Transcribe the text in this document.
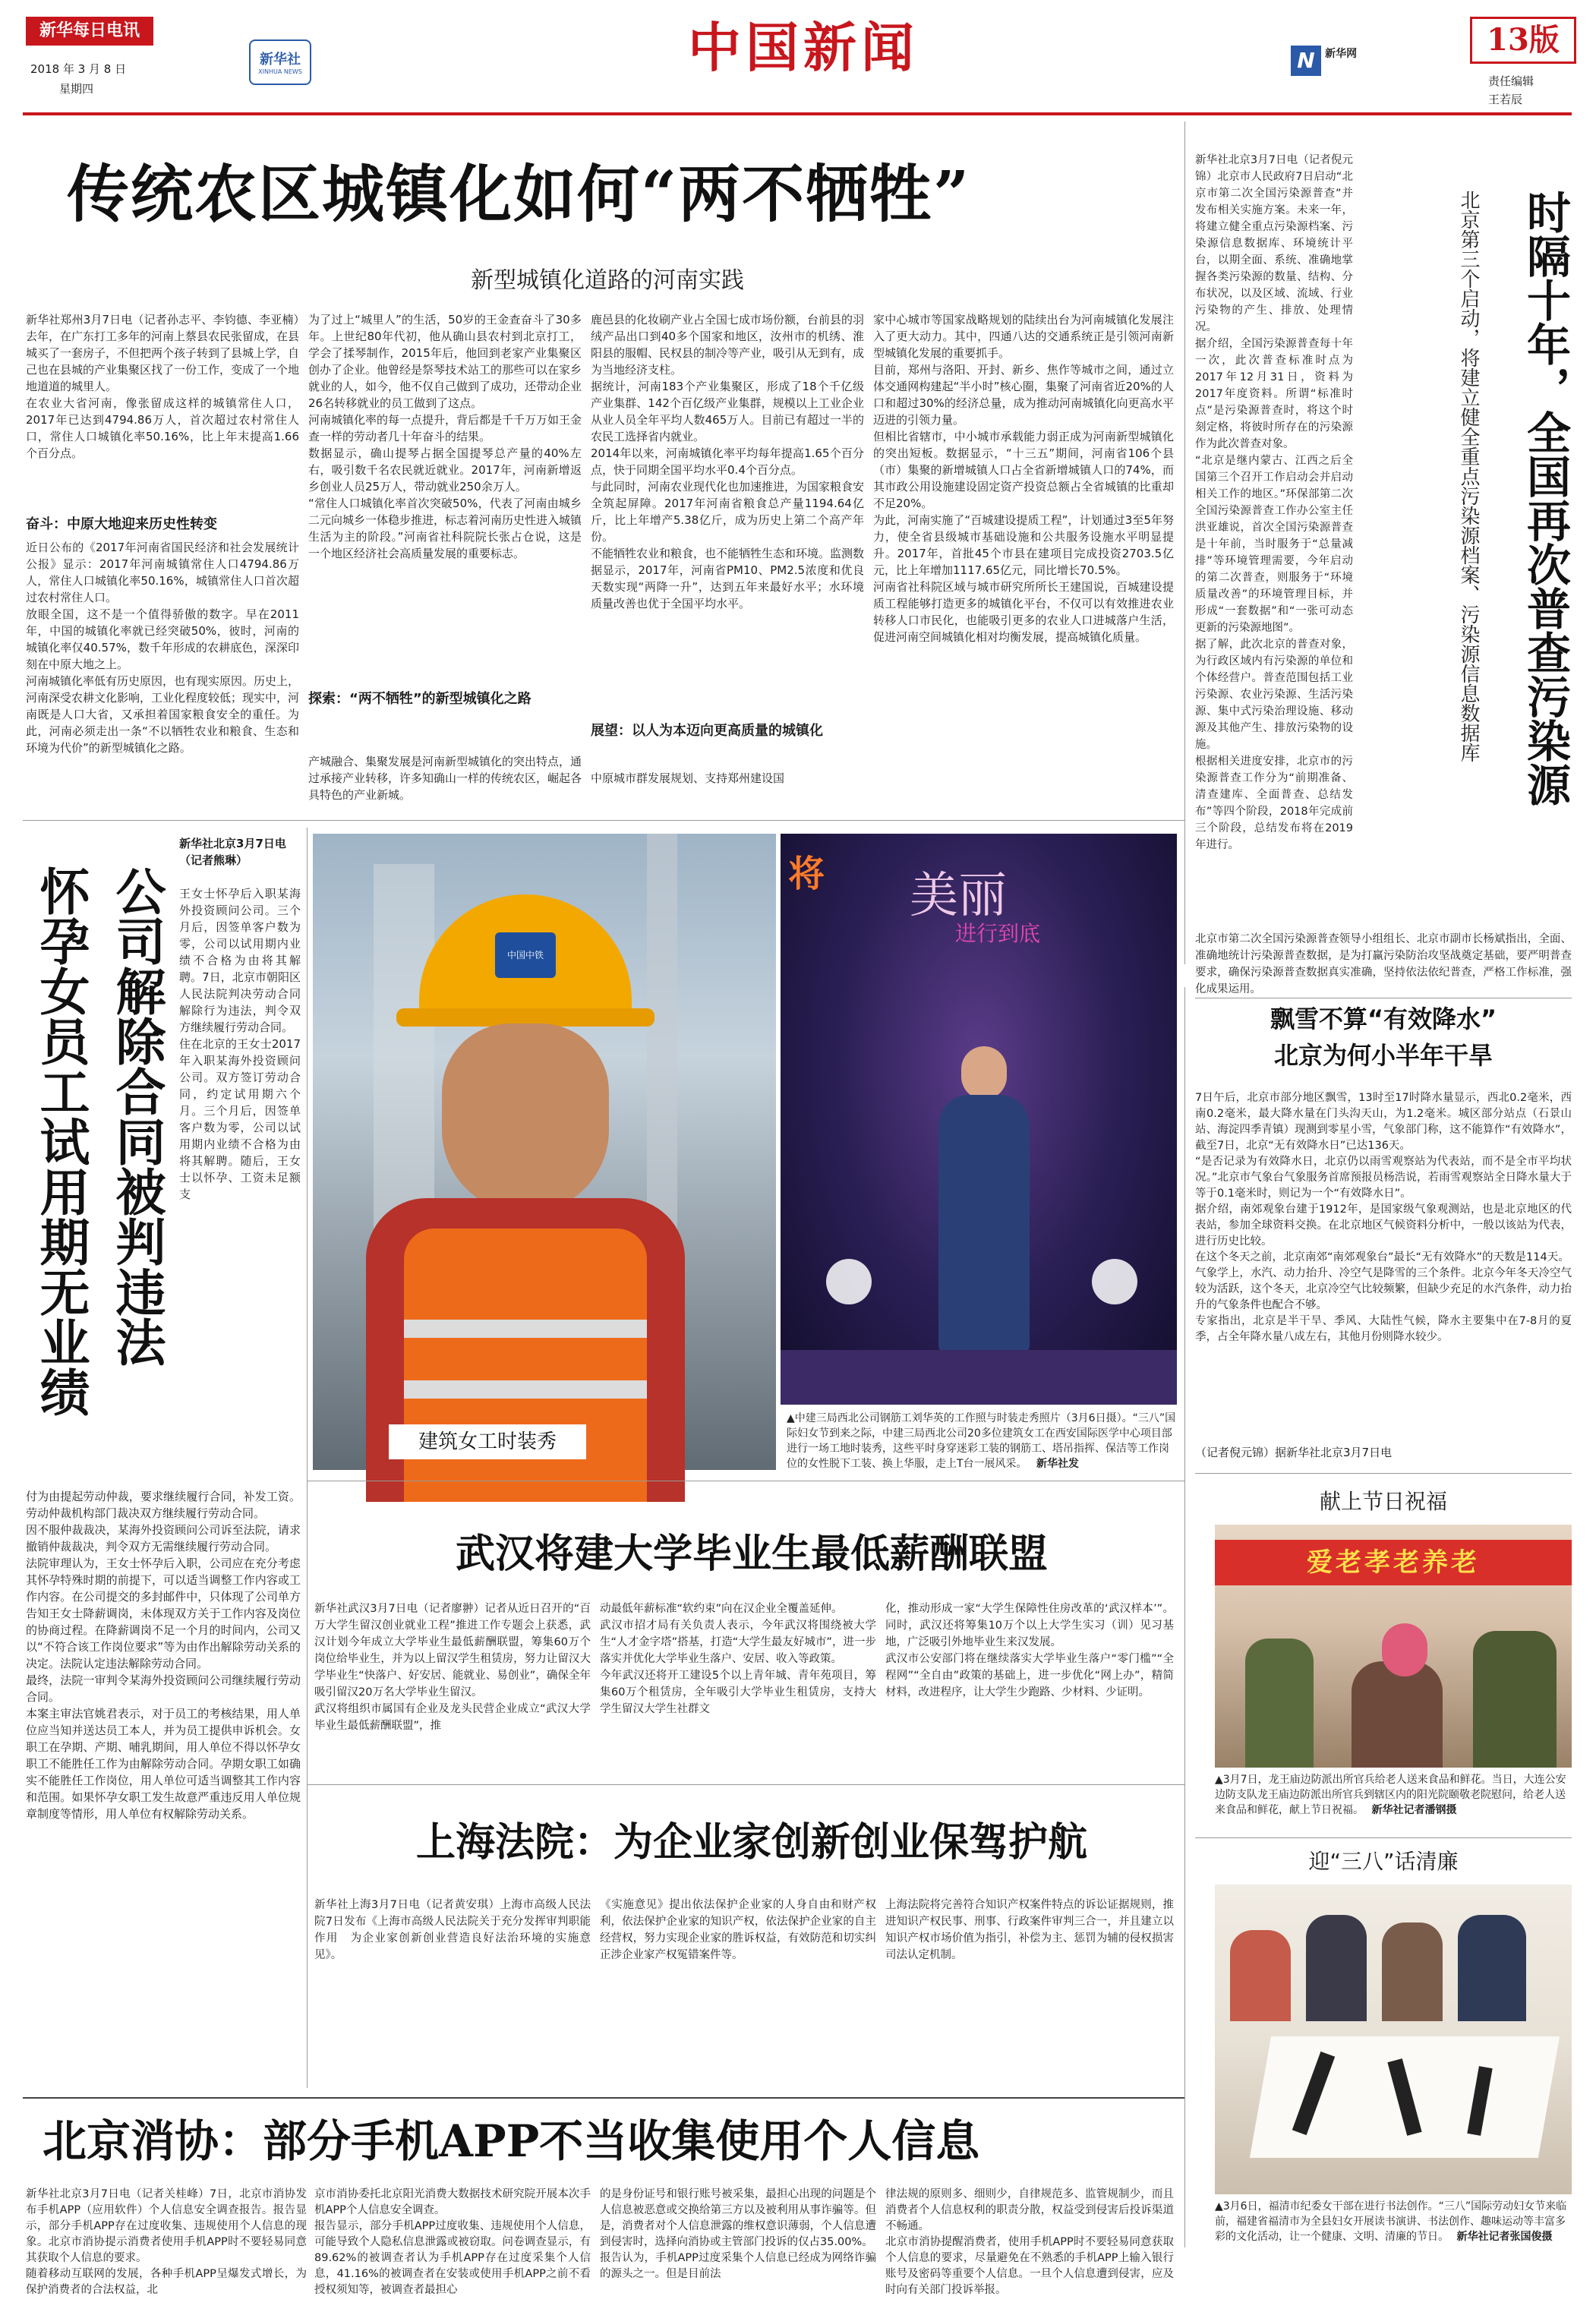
新华每日电讯
2018 年 3 月 8 日
星期四
新华社
XINHUA NEWS	中国新闻	N 新华网	13版
责任编辑
王若辰
传统农区城镇化如何“两不牺牲”
新型城镇化道路的河南实践
新华社郑州3月7日电（记者孙志平、李钧德、李亚楠）去年，在广东打工多年的河南上蔡县农民张留成，在县城买了一套房子，不但把两个孩子转到了县城上学，自己也在县城的产业集聚区找了一份工作，变成了一个地地道道的城里人。
在农业大省河南，像张留成这样的城镇常住人口，2017年已达到4794.86万人，首次超过农村常住人口，常住人口城镇化率50.16%，比上年末提高1.66个百分点。
奋斗：中原大地迎来历史性转变
近日公布的《2017年河南省国民经济和社会发展统计公报》显示：2017年河南城镇常住人口4794.86万人，常住人口城镇化率50.16%，城镇常住人口首次超过农村常住人口。
放眼全国，这不是一个值得骄傲的数字。早在2011年，中国的城镇化率就已经突破50%，彼时，河南的城镇化率仅40.57%，数千年形成的农耕底色，深深印刻在中原大地之上。
河南城镇化率低有历史原因，也有现实原因。历史上，河南深受农耕文化影响，工业化程度较低；现实中，河南既是人口大省，又承担着国家粮食安全的重任。为此，河南必须走出一条“不以牺牲农业和粮食、生态和环境为代价”的新型城镇化之路。
为了过上“城里人”的生活，50岁的王金查奋斗了30多年。上世纪80年代初，他从确山县农村到北京打工，学会了揉琴制作，2015年后，他回到老家产业集聚区创办了企业。他曾经是祭琴技术站工的那些可以在家乡就业的人，如今，他不仅自己做到了成功，还带动企业26名转移就业的员工做到了这点。
河南城镇化率的每一点提升，背后都是千千万万如王金查一样的劳动者几十年奋斗的结果。
数据显示，确山提琴占据全国提琴总产量的40%左右，吸引数千名农民就近就业。2017年，河南新增返乡创业人员25万人，带动就业250余万人。
“常住人口城镇化率首次突破50%，代表了河南由城乡二元向城乡一体稳步推进，标志着河南历史性进入城镇生活为主的阶段。”河南省社科院院长张占仓说，这是一个地区经济社会高质量发展的重要标志。
探索：“两不牺牲”的新型城镇化之路
产城融合、集聚发展是河南新型城镇化的突出特点，通过承接产业转移，许多知确山一样的传统农区，崛起各具特色的产业新城。
鹿邑县的化妆刷产业占全国七成市场份额，台前县的羽绒产品出口到40多个国家和地区，汝州市的机绣、淮阳县的服帽、民权县的制冷等产业，吸引从无到有，成为当地经济支柱。
据统计，河南183个产业集聚区，形成了18个千亿级产业集群、142个百亿级产业集群，规模以上工业企业从业人员全年平均人数465万人。目前已有超过一半的农民工选择省内就业。
2014年以来，河南城镇化率平均每年提高1.65个百分点，快于同期全国平均水平0.4个百分点。
与此同时，河南农业现代化也加速推进，为国家粮食安全筑起屏障。2017年河南省粮食总产量1194.64亿斤，比上年增产5.38亿斤，成为历史上第二个高产年份。
不能牺牲农业和粮食，也不能牺牲生态和环境。监测数据显示，2017年，河南省PM10、PM2.5浓度和优良天数实现“两降一升”，达到五年来最好水平；水环境质量改善也优于全国平均水平。
展望：以人为本迈向更高质量的城镇化
中原城市群发展规划、支持郑州建设国
家中心城市等国家战略规划的陆续出台为河南城镇化发展注入了更大动力。其中，四通八达的交通系统正是引领河南新型城镇化发展的重要抓手。
目前，郑州与洛阳、开封、新乡、焦作等城市之间，通过立体交通网构建起“半小时”核心圈，集聚了河南省近20%的人口和超过30%的经济总量，成为推动河南城镇化向更高水平迈进的引领力量。
但相比省辖市，中小城市承载能力弱正成为河南新型城镇化的突出短板。数据显示，“十三五”期间，河南省106个县（市）集聚的新增城镇人口占全省新增城镇人口的74%，而其市政公用设施建设固定资产投资总额占全省城镇的比重却不足20%。
为此，河南实施了“百城建设提质工程”，计划通过3至5年努力，使全省县级城市基础设施和公共服务设施水平明显提升。2017年，首批45个市县在建项目完成投资2703.5亿元，比上年增加1117.65亿元，同比增长70.5%。
河南省社科院区域与城市研究所所长王建国说，百城建设提质工程能够打造更多的城镇化平台，不仅可以有效推进农业转移人口市民化，也能吸引更多的农业人口进城落户生活，促进河南空间城镇化相对均衡发展，提高城镇化质量。
新华社北京3月7日电（记者倪元锦）北京市人民政府7日启动“北京市第二次全国污染源普查”并发布相关实施方案。未来一年，将建立健全重点污染源档案、污染源信息数据库、环境统计平台，以期全面、系统、准确地掌握各类污染源的数量、结构、分布状况，以及区域、流域、行业污染物的产生、排放、处理情况。
据介绍，全国污染源普查每十年一次，此次普查标准时点为2017年12月31日，资料为2017年度资料。所谓“标准时点”是污染源普查时，将这个时刻定格，将彼时所存在的污染源作为此次普查对象。
“北京是继内蒙古、江西之后全国第三个召开工作启动会并启动相关工作的地区。”环保部第二次全国污染源普查工作办公室主任洪亚雄说，首次全国污染源普查是十年前，当时服务于“总量减排”等环境管理需要，今年启动的第二次普查，则服务于“环境质量改善”的环境管理目标，并形成“一套数据”和“一张可动态更新的污染源地图”。
据了解，此次北京的普查对象，为行政区域内有污染源的单位和个体经营户。普查范围包括工业污染源、农业污染源、生活污染源、集中式污染治理设施、移动源及其他产生、排放污染物的设施。
根据相关进度安排，北京市的污染源普查工作分为“前期准备、清查建库、全面普查、总结发布”等四个阶段，2018年完成前三个阶段，总结发布将在2019年进行。
时隔十年，全国再次普查污染源
北京第三个启动，将建立健全重点污染源档案、污染源信息数据库
北京市第二次全国污染源普查领导小组组长、北京市副市长杨斌指出，全面、准确地统计污染源普查数据，是为打赢污染防治攻坚战奠定基础，要严明普查要求，确保污染源普查数据真实准确，坚持依法依纪普查，严格工作标准，强化成果运用。
怀孕女员工试用期无业绩 公司解除合同被判违法
新华社北京3月7日电（记者熊琳）
王女士怀孕后入职某海外投资顾问公司。三个月后，因签单客户数为零，公司以试用期内业绩不合格为由将其解聘。7日，北京市朝阳区人民法院判决劳动合同解除行为违法，判令双方继续履行劳动合同。
住在北京的王女士2017年入职某海外投资顾问公司。双方签订劳动合同，约定试用期六个月。三个月后，因签单客户数为零，公司以试用期内业绩不合格为由将其解聘。随后，王女士以怀孕、工资未足额支
付为由提起劳动仲裁，要求继续履行合同，补发工资。劳动仲裁机构部门裁决双方继续履行劳动合同。
因不服仲裁裁决，某海外投资顾问公司诉至法院，请求撤销仲裁裁决，判令双方无需继续履行劳动合同。
法院审理认为，王女士怀孕后入职，公司应在充分考虑其怀孕特殊时期的前提下，可以适当调整工作内容或工作内容。在公司提交的多封邮件中，只体现了公司单方告知王女士降薪调岗，未体现双方关于工作内容及岗位的协商过程。在降薪调岗不足一个月的时间内，公司又以“不符合该工作岗位要求”等为由作出解除劳动关系的决定。法院认定违法解除劳动合同。
最终，法院一审判令某海外投资顾问公司继续履行劳动合同。
本案主审法官姚君表示，对于员工的考核结果，用人单位应当知并送达员工本人，并为员工提供申诉机会。女职工在孕期、产期、哺乳期间，用人单位不得以怀孕女职工不能胜任工作为由解除劳动合同。孕期女职工如确实不能胜任工作岗位，用人单位可适当调整其工作内容和范围。如果怀孕女职工发生故意严重违反用人单位规章制度等情形，用人单位有权解除劳动关系。
中国中铁
建筑女工时装秀
将 美丽
进行到底
▲中建三局西北公司钢筋工刘华英的工作照与时装走秀照片（3月6日摄）。“三八”国际妇女节到来之际，中建三局西北公司20多位建筑女工在西安国际医学中心项目部进行一场工地时装秀，这些平时身穿迷彩工装的钢筋工、塔吊指挥、保洁等工作岗位的女性脱下工装、换上华服，走上T台一展风采。 新华社发
飘雪不算“有效降水”
北京为何小半年干旱
7日午后，北京市部分地区飘雪，13时至17时降水量显示，西北0.2毫米，西南0.2毫米，最大降水量在门头沟天山，为1.2毫米。城区部分站点（石景山站、海淀四季青镇）现测到零星小雪，气象部门称，这不能算作“有效降水”，截至7日，北京“无有效降水日”已达136天。
“是否记录为有效降水日，北京仍以雨雪观察站为代表站，而不是全市平均状况。”北京市气象台气象服务首席预报员杨浩说，若雨雪观察站全日降水量大于等于0.1毫米时，则记为一个“有效降水日”。
据介绍，南郊观象台建于1912年，是国家级气象观测站，也是北京地区的代表站，参加全球资料交换。在北京地区气候资料分析中，一般以该站为代表，进行历史比较。
在这个冬天之前，北京南郊“南郊观象台”最长“无有效降水”的天数是114天。
气象学上，水汽、动力抬升、冷空气是降雪的三个条件。北京今年冬天冷空气较为活跃，这个冬天，北京冷空气比较频繁，但缺少充足的水汽条件，动力抬升的气象条件也配合不够。
专家指出，北京是半干旱、季风、大陆性气候，降水主要集中在7-8月的夏季，占全年降水量八成左右，其他月份则降水较少。
（记者倪元锦）据新华社北京3月7日电
献上节日祝福
爱老孝老养老
▲3月7日，龙王庙边防派出所官兵给老人送来食品和鲜花。当日，大连公安边防支队龙王庙边防派出所官兵到辖区内的阳光院颐敬老院慰问，给老人送来食品和鲜花，献上节日祝福。 新华社记者潘钢摄
迎“三八”话清廉
▲3月6日，福清市纪委女干部在进行书法创作。“三八”国际劳动妇女节来临前，福建省福清市为全县妇女开展读书演讲、书法创作、趣味运动等丰富多彩的文化活动，让一个健康、文明、清廉的节日。 新华社记者张国俊摄
武汉将建大学毕业生最低薪酬联盟
新华社武汉3月7日电（记者廖翀）记者从近日召开的“百万大学生留汉创业就业工程”推进工作专题会上获悉，武汉计划今年成立大学毕业生最低薪酬联盟，筹集60万个岗位给毕业生，并为以上留汉学生租赁房，努力让留汉大学毕业生“快落户、好安居、能就业、易创业”，确保全年吸引留汉20万名大学毕业生留汉。
武汉将组织市属国有企业及龙头民营企业成立“武汉大学毕业生最低薪酬联盟”，推
动最低年薪标准“软约束”向在汉企业全覆盖延伸。
武汉市招才局有关负责人表示，今年武汉将围绕被大学生“人才金字塔”搭基，打造“大学生最友好城市”，进一步落实并优化大学毕业生落户、安居、收入等政策。
今年武汉还将开工建设5个以上青年城、青年苑项目，筹集60万个租赁房，全年吸引大学毕业生租赁房，支持大学生留汉大学生社群文
化，推动形成一家“大学生保障性住房改革的‘武汉样本’”。同时，武汉还将筹集10万个以上大学生实习（训）见习基地，广泛吸引外地毕业生来汉发展。
武汉市公安部门将在继续落实大学毕业生落户“零门槛”“全程网”“全自由”政策的基础上，进一步优化“网上办”，精简材料，改进程序，让大学生少跑路、少材料、少证明。
上海法院：为企业家创新创业保驾护航
新华社上海3月7日电（记者黄安琪）上海市高级人民法院7日发布《上海市高级人民法院关于充分发挥审判职能作用　为企业家创新创业营造良好法治环境的实施意见》。
《实施意见》提出依法保护企业家的人身自由和财产权利，依法保护企业家的知识产权，依法保护企业家的自主经营权，努力实现企业家的胜诉权益，有效防范和切实纠正涉企业家产权冤错案件等。
上海法院将完善符合知识产权案件特点的诉讼证据规则，推进知识产权民事、刑事、行政案件审判三合一，并且建立以知识产权市场价值为指引，补偿为主、惩罚为辅的侵权损害司法认定机制。
北京消协：部分手机APP不当收集使用个人信息
新华社北京3月7日电（记者关桂峰）7日，北京市消协发布手机APP（应用软件）个人信息安全调查报告。报告显示，部分手机APP存在过度收集、违规使用个人信息的现象。北京市消协提示消费者使用手机APP时不要轻易同意其获取个人信息的要求。
随着移动互联网的发展，各种手机APP呈爆发式增长，为保护消费者的合法权益，北
京市消协委托北京阳光消费大数据技术研究院开展本次手机APP个人信息安全调查。
报告显示，部分手机APP过度收集、违规使用个人信息，可能导致个人隐私信息泄露或被窃取。问卷调查显示，有89.62%的被调查者认为手机APP存在过度采集个人信息，41.16%的被调查者在安装或使用手机APP之前不看授权须知等，被调查者最担心
的是身份证号和银行账号被采集，最担心出现的问题是个人信息被恶意或交换给第三方以及被利用从事诈骗等。但是，消费者对个人信息泄露的维权意识薄弱，个人信息遭到侵害时，选择向消协或主管部门投诉的仅占35.00%。
报告认为，手机APP过度采集个人信息已经成为网络诈骗的源头之一。但是目前法
律法规的原则多、细则少，自律规范多、监管规制少，而且消费者个人信息权利的职责分散，权益受到侵害后投诉渠道不畅通。
北京市消协提醒消费者，使用手机APP时不要轻易同意获取个人信息的要求，尽量避免在不熟悉的手机APP上输入银行账号及密码等重要个人信息。一旦个人信息遭到侵害，应及时向有关部门投诉举报。
